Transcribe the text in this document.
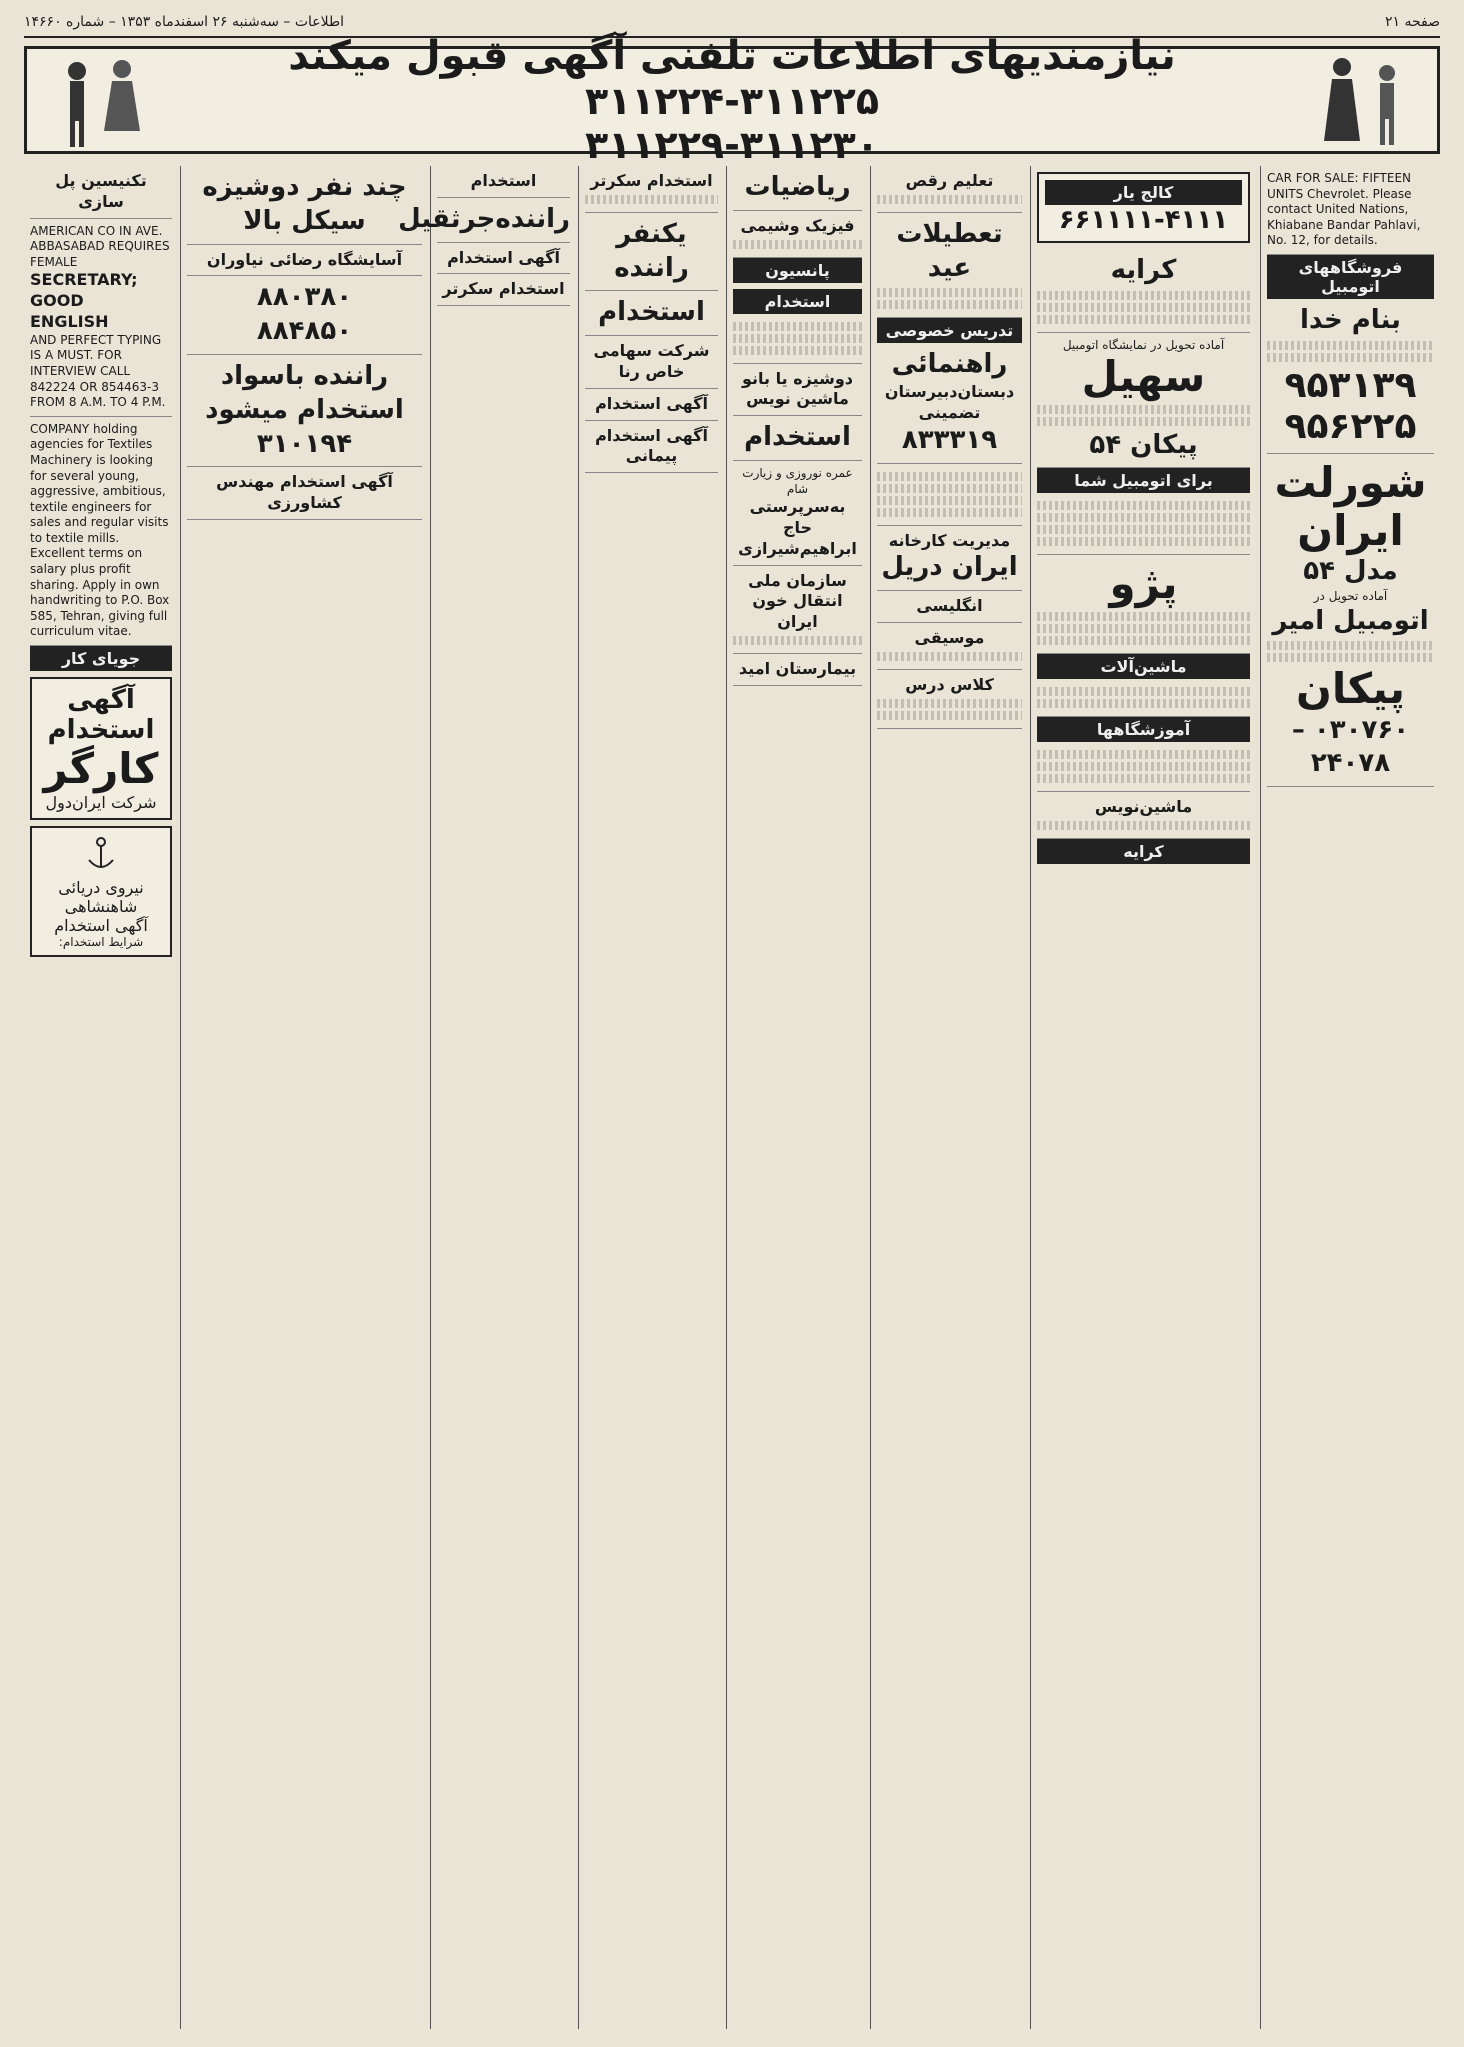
اطلاعات – سه‌شنبه ۲۶ اسفندماه ۱۳۵۳ – شماره ۱۴۶۶۰	صفحه ۲۱
نیازمندیهای اطلاعات تلفنی آگهی قبول میکند
۳۱۱۲۲۴-۳۱۱۲۲۵
۳۱۱۲۲۹-۳۱۱۲۳۰
CAR FOR SALE: FIFTEEN UNITS Chevrolet. Please contact United Nations, Khiabane Bandar Pahlavi, No. 12, for details.
فروشگاههای اتومبیل
بنام خدا
۹۵۳۱۳۹
۹۵۶۲۲۵
شورلت
ایران
مدل ۵۴
آماده تحویل در
اتومبیل امیر
پیکان
۰۳۰۷۶۰ – ۲۴۰۷۸
کالج یار
۶۶۱۱۱۱-۴۱۱۱
کرایه
آماده تحویل در نمایشگاه اتومبیل
سهیل
پیکان ۵۴
برای اتومبیل شما
پژو
ماشین‌آلات
آموزشگاهها
ماشین‌نویس
کرایه
تعلیم رقص
تعطیلات عید
تدریس خصوصی
راهنمائی
دبستان‌دبیرستان تضمینی
۸۳۳۳۱۹
مدیریت کارخانه
ایران دریل
انگلیسی
موسیقی
کلاس درس
ریاضیات
فیزیک وشیمی
پانسیون
استخدام
دوشیزه یا بانو ماشین نویس
استخدام
عمره نوروزی و زیارت شام
به‌سرپرستی حاج ابراهیم‌شیرازی
سازمان ملی انتقال خون ایران
بیمارستان امید
استخدام سکرتر
یکنفر راننده
استخدام
شرکت سهامی خاص رنا
آگهی استخدام
آگهی استخدام پیمانی
استخدام
راننده‌جرثقیل
آگهی استخدام
استخدام سکرتر
چند نفر دوشیزه
سیکل بالا
آسایشگاه رضائی نیاوران
۸۸۰۳۸۰
۸۸۴۸۵۰
راننده باسواد استخدام میشود
۳۱۰۱۹۴
آگهی استخدام مهندس کشاورزی
تکنیسین پل سازی
AMERICAN CO IN AVE. ABBASABAD REQUIRES FEMALE
SECRETARY;
GOOD
ENGLISH
AND PERFECT TYPING IS A MUST. FOR INTERVIEW CALL 842224 OR 854463-3 FROM 8 A.M. TO 4 P.M.
COMPANY holding agencies for Textiles Machinery is looking for several young, aggressive, ambitious, textile engineers for sales and regular visits to textile mills. Excellent terms on salary plus profit sharing. Apply in own handwriting to P.O. Box 585, Tehran, giving full curriculum vitae.
جویای کار
آگهی استخدام
کارگر
شرکت ایران‌دول
نیروی دریائی شاهنشاهی
آگهی استخدام
شرایط استخدام:
